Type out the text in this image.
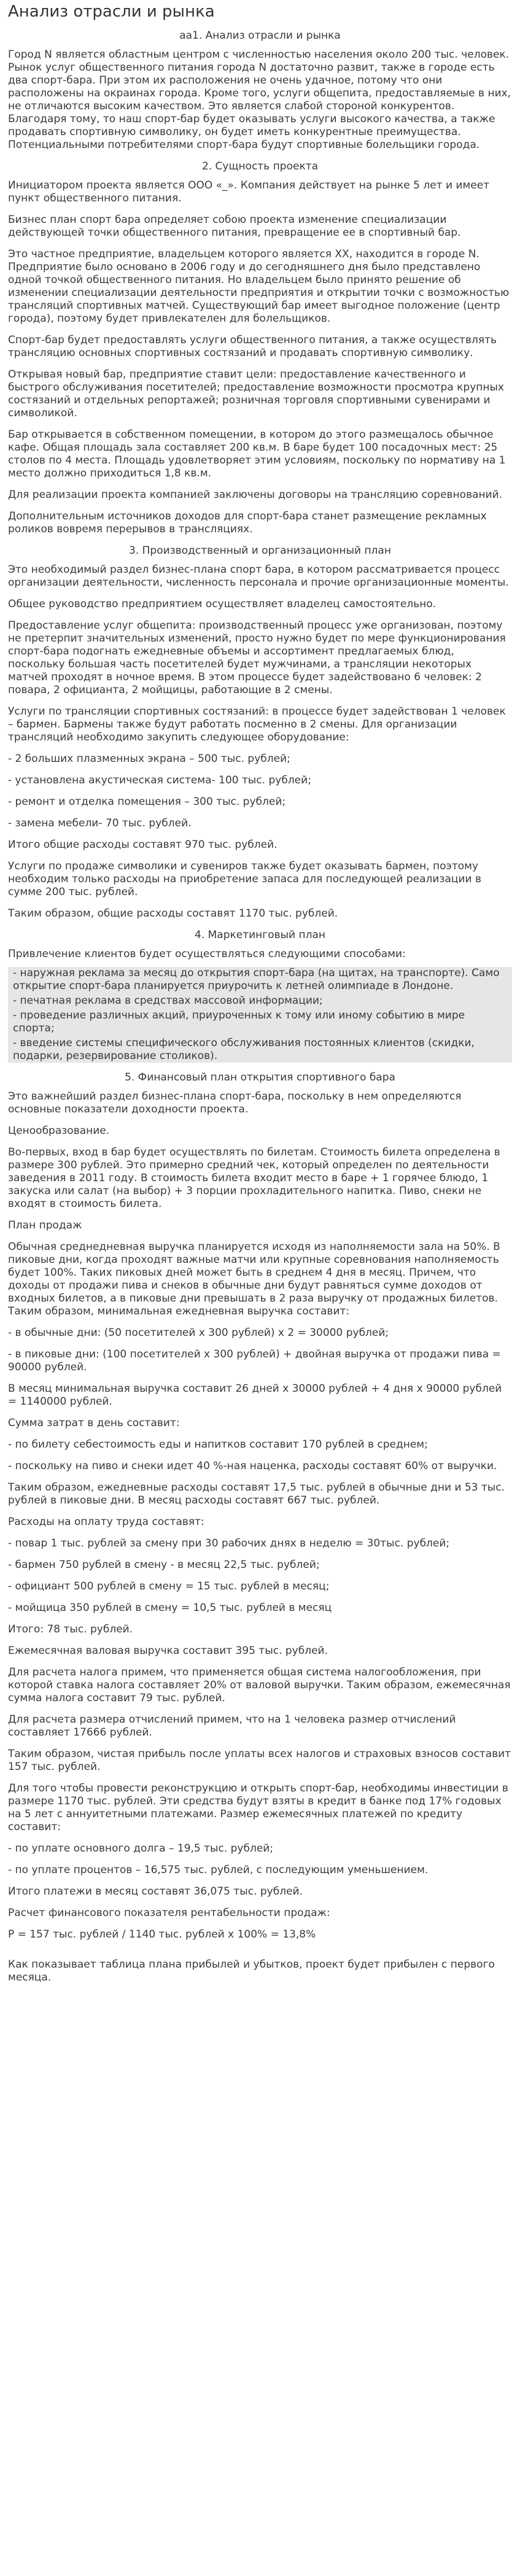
Анализ отрасли и рынка
аа1. Анализ отрасли и рынка

Город N является областным центром с численностью населения около 200 тыс. человек. Рынок услуг общественного питания города N достаточно развит, также в городе есть два спорт-бара. При этом их расположения не очень удачное, потому что они расположены на окраинах города. Кроме того, услуги общепита, предоставляемые в них, не отличаются высоким качеством. Это является слабой стороной конкурентов. Благодаря тому, то наш спорт-бар будет оказывать услуги высокого качества, а также продавать спортивную символику, он будет иметь конкурентные преимущества. Потенциальными потребителями спорт-бара будут спортивные болельщики города.

2. Сущность проекта

Инициатором проекта является ООО «_». Компания действует на рынке 5 лет и имеет пункт общественного питания.

Бизнес план спорт бара определяет собою проекта изменение специализации действующей точки общественного питания, превращение ее в спортивный бар.

Это частное предприятие, владельцем которого является ХХ, находится в городе N. Предприятие было основано в 2006 году и до сегодняшнего дня было представлено одной точкой общественного питания. Но владельцем было принято решение об изменении специализации деятельности предприятия и открытии точки с возможностью трансляций спортивных матчей. Существующий бар имеет выгодное положение (центр города), поэтому будет привлекателен для болельщиков.

Спорт-бар будет предоставлять услуги общественного питания, а также осуществлять трансляцию основных спортивных состязаний и продавать спортивную символику.

Открывая новый бар, предприятие ставит цели: предоставление качественного и быстрого обслуживания посетителей; предоставление возможности просмотра крупных состязаний и отдельных репортажей; розничная торговля спортивными сувенирами и символикой.

Бар открывается в собственном помещении, в котором до этого размещалось обычное кафе. Общая площадь зала составляет 200 кв.м. В баре будет 100 посадочных мест: 25 столов по 4 места. Площадь удовлетворяет этим условиям, поскольку по нормативу на 1 место должно приходиться 1,8 кв.м.

Для реализации проекта компанией заключены договоры на трансляцию соревнований.

Дополнительным источников доходов для спорт-бара станет размещение рекламных роликов вовремя перерывов в трансляциях.

3. Производственный и организационный план

Это необходимый раздел бизнес-плана спорт бара, в котором рассматривается процесс организации деятельности, численность персонала и прочие организационные моменты.

Общее руководство предприятием осуществляет владелец самостоятельно.

Предоставление услуг общепита: производственный процесс уже организован, поэтому не претерпит значительных изменений, просто нужно будет по мере функционирования спорт-бара подогнать ежедневные объемы и ассортимент предлагаемых блюд, поскольку большая часть посетителей будет мужчинами, а трансляции некоторых матчей проходят в ночное время. В этом процессе будет задействовано 6 человек: 2 повара, 2 официанта, 2 мойщицы, работающие в 2 смены.

Услуги по трансляции спортивных состязаний: в процессе будет задействован 1 человек – бармен. Бармены также будут работать посменно в 2 смены. Для организации трансляций необходимо закупить следующее оборудование:

- 2 больших плазменных экрана – 500 тыс. рублей;

- установлена акустическая система- 100 тыс. рублей;

- ремонт и отделка помещения – 300 тыс. рублей;

- замена мебели- 70 тыс. рублей.

Итого общие расходы составят 970 тыс. рублей.

Услуги по продаже символики и сувениров также будет оказывать бармен, поэтому необходим только расходы на приобретение запаса для последующей реализации в сумме 200 тыс. рублей.

Таким образом, общие расходы составят 1170 тыс. рублей.

4. Маркетинговый план

Привлечение клиентов будет осуществляться следующими способами:

- наружная реклама за месяц до открытия спорт-бара (на щитах, на транспорте). Само открытие спорт-бара планируется приурочить к летней олимпиаде в Лондоне.
- печатная реклама в средствах массовой информации;
- проведение различных акций, приуроченных к тому или иному событию в мире спорта;
- введение системы специфического обслуживания постоянных клиентов (скидки, подарки, резервирование столиков).
5. Финансовый план открытия спортивного бара

Это важнейший раздел бизнес-плана спорт-бара, поскольку в нем определяются основные показатели доходности проекта.

Ценообразование.

Во-первых, вход в бар будет осуществлять по билетам. Стоимость билета определена в размере 300 рублей. Это примерно средний чек, который определен по деятельности заведения в 2011 году. В стоимость билета входит место в баре + 1 горячее блюдо, 1 закуска или салат (на выбор) + 3 порции прохладительного напитка. Пиво, снеки не входят в стоимость билета.

План продаж

Обычная среднедневная выручка планируется исходя из наполняемости зала на 50%. В пиковые дни, когда проходят важные матчи или крупные соревнования наполняемость будет 100%. Таких пиковых дней может быть в среднем 4 дня в месяц. Причем, что доходы от продажи пива и снеков в обычные дни будут равняться сумме доходов от входных билетов, а в пиковые дни превышать в 2 раза выручку от продажных билетов. Таким образом, минимальная ежедневная выручка составит:

- в обычные дни: (50 посетителей х 300 рублей) х 2 = 30000 рублей;

- в пиковые дни: (100 посетителей х 300 рублей) + двойная выручка от продажи пива = 90000 рублей.

В месяц минимальная выручка составит 26 дней х 30000 рублей + 4 дня х 90000 рублей = 1140000 рублей.

Сумма затрат в день составит:

- по билету себестоимость еды и напитков составит 170 рублей в среднем;

- поскольку на пиво и снеки идет 40 %-ная наценка, расходы составят 60% от выручки.

Таким образом, ежедневные расходы составят 17,5 тыс. рублей в обычные дни и 53 тыс. рублей в пиковые дни. В месяц расходы составят 667 тыс. рублей.

Расходы на оплату труда составят:

- повар 1 тыс. рублей за смену при 30 рабочих днях в неделю = 30тыс. рублей;

- бармен 750 рублей в смену - в месяц 22,5 тыс. рублей;

- официант 500 рублей в смену = 15 тыс. рублей в месяц;

- мойщица 350 рублей в смену = 10,5 тыс. рублей в месяц

Итого: 78 тыс. рублей.

Ежемесячная валовая выручка составит 395 тыс. рублей.

Для расчета налога примем, что применяется общая система налогообложения, при которой ставка налога составляет 20% от валовой выручки. Таким образом, ежемесячная сумма налога составит 79 тыс. рублей.

Для расчета размера отчислений примем, что на 1 человека размер отчислений составляет 17666 рублей.

Таким образом, чистая прибыль после уплаты всех налогов и страховых взносов составит 157 тыс. рублей.

Для того чтобы провести реконструкцию и открыть спорт-бар, необходимы инвестиции в размере 1170 тыс. рублей. Эти средства будут взяты в кредит в банке под 17% годовых на 5 лет с аннуитетными платежами. Размер ежемесячных платежей по кредиту составит:

- по уплате основного долга – 19,5 тыс. рублей;

- по уплате процентов – 16,575 тыс. рублей, с последующим уменьшением.

Итого платежи в месяц составят 36,075 тыс. рублей.

Расчет финансового показателя рентабельности продаж:

P = 157 тыс. рублей / 1140 тыс. рублей х 100% = 13,8%

Как показывает таблица плана прибылей и убытков, проект будет прибылен с первого месяца.
